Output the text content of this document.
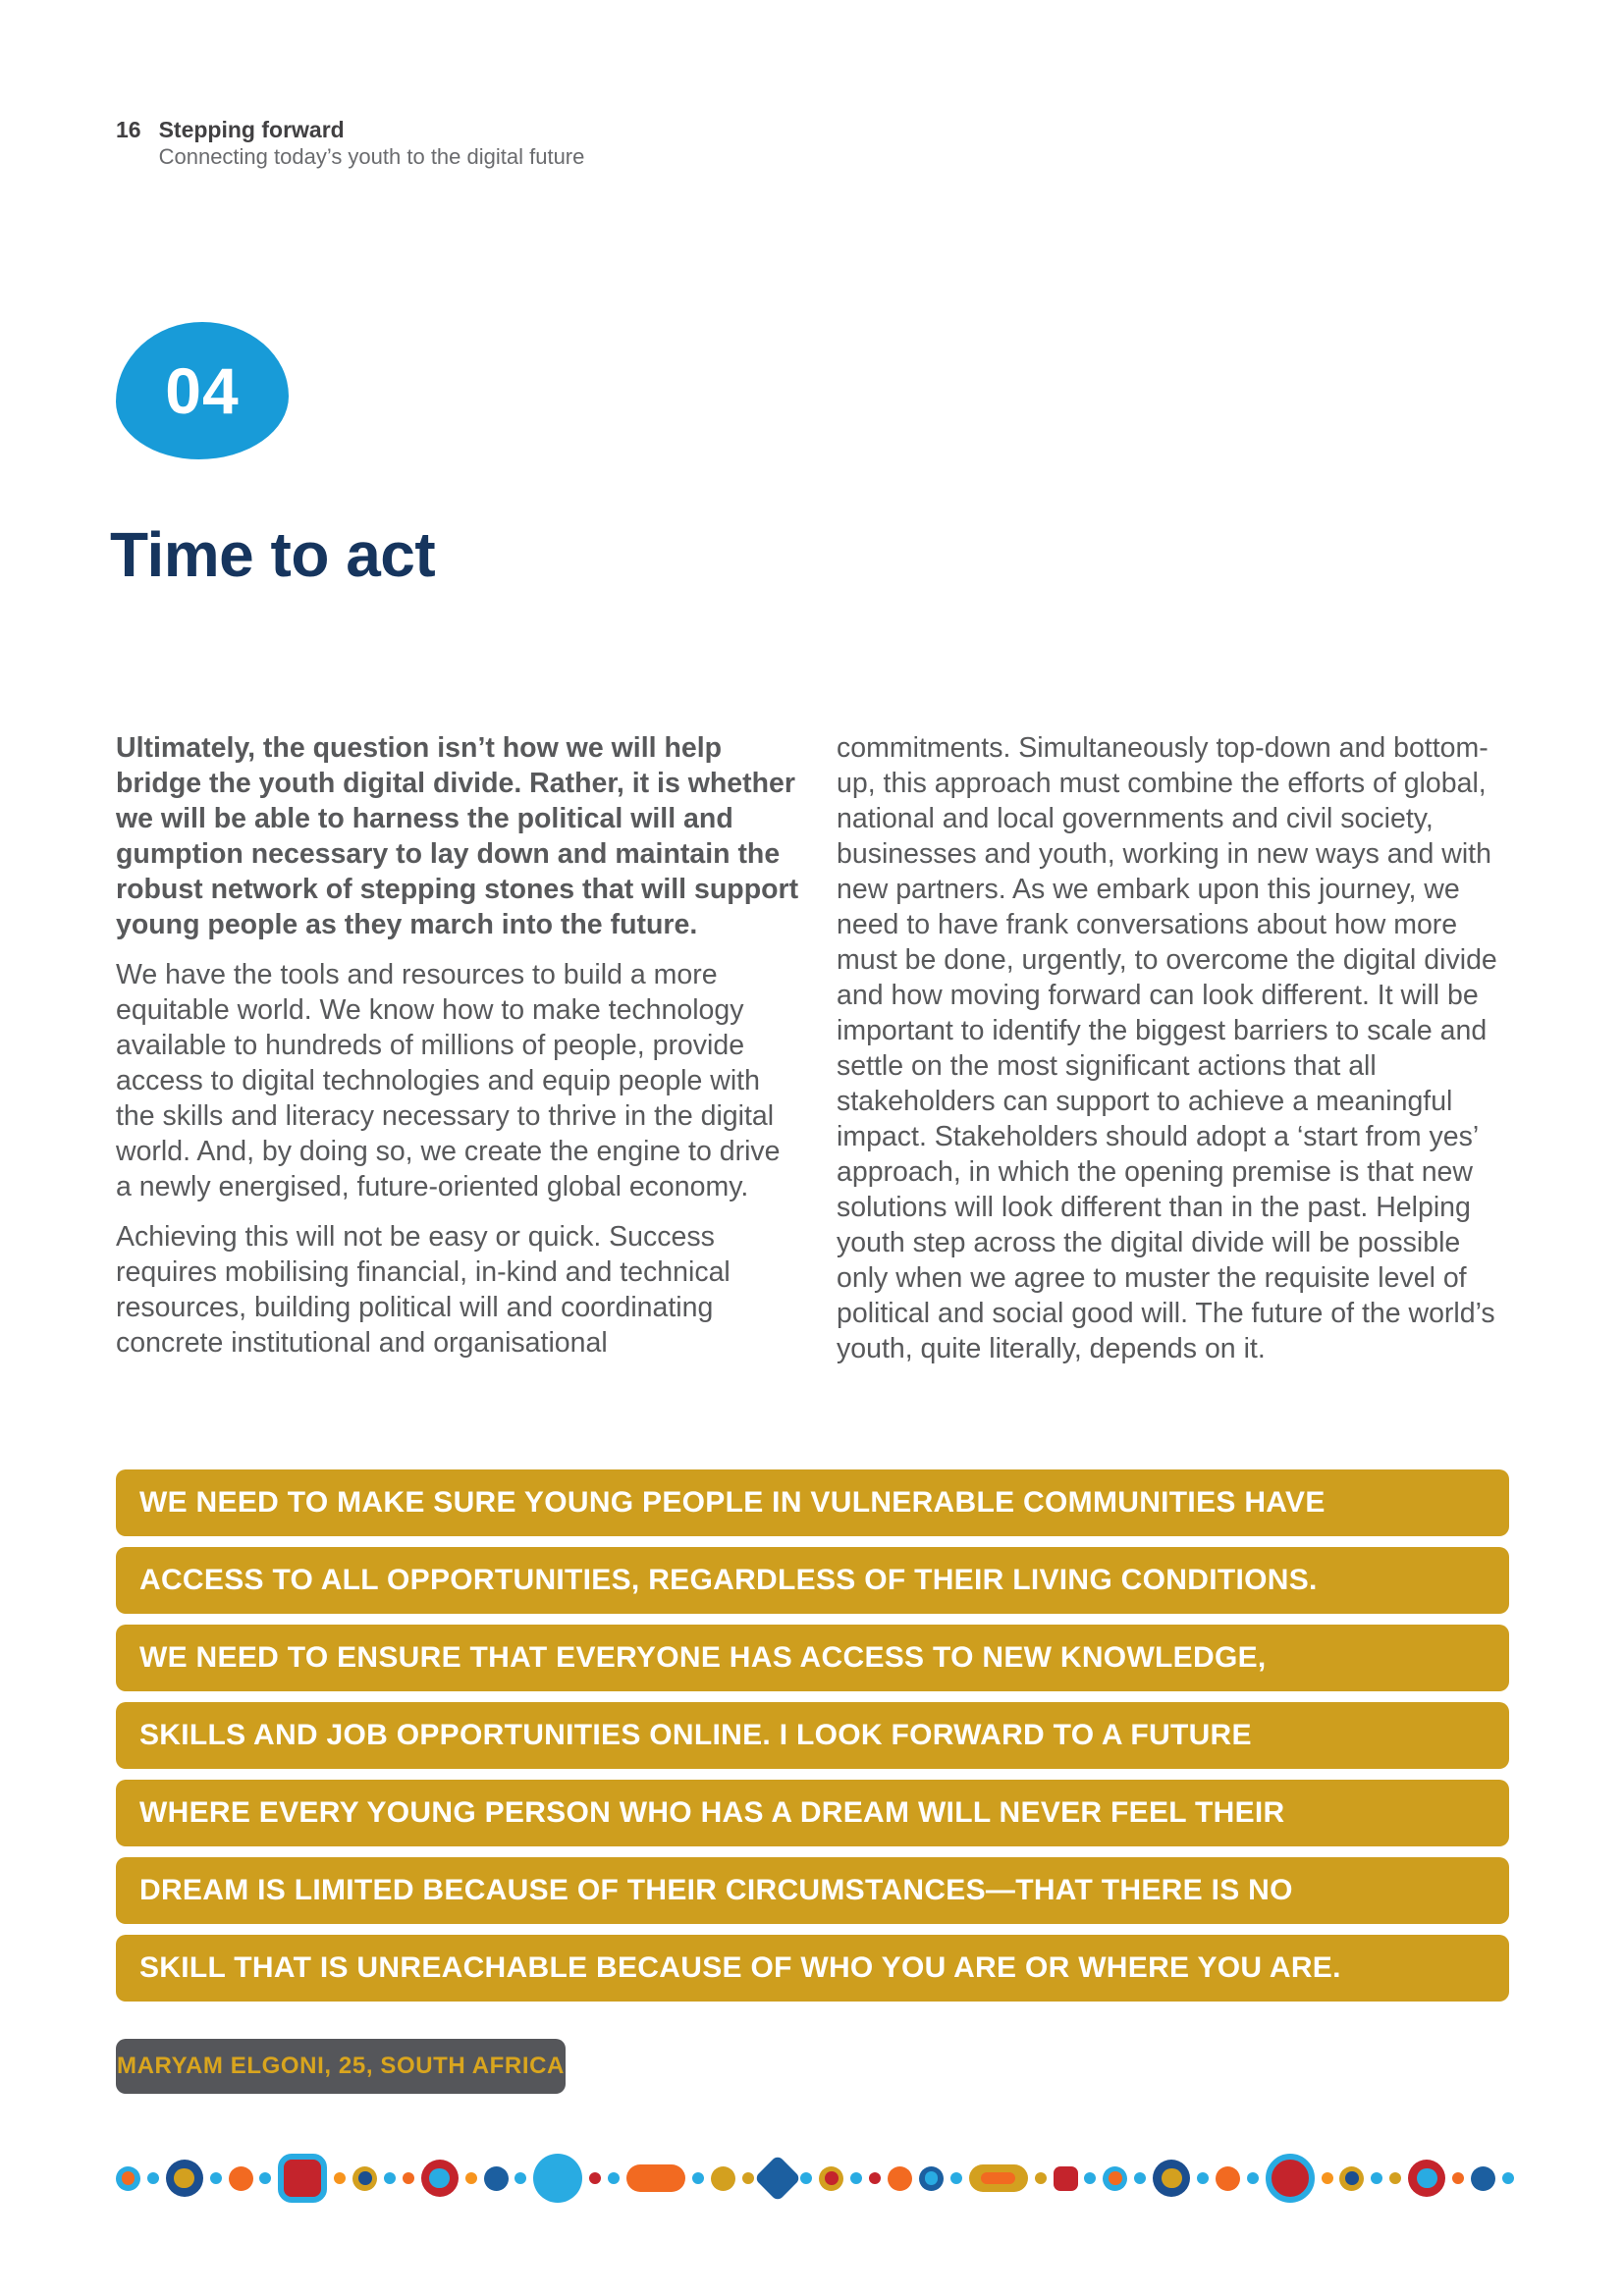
16 Stepping forward
Connecting today’s youth to the digital future
04
Time to act

Ultimately, the question isn’t how we will help bridge the youth digital divide. Rather, it is whether we will be able to harness the political will and gumption necessary to lay down and maintain the robust network of stepping stones that will support young people as they march into the future.

We have the tools and resources to build a more equitable world. We know how to make technology available to hundreds of millions of people, provide access to digital technologies and equip people with the skills and literacy necessary to thrive in the digital world. And, by doing so, we create the engine to drive a newly energised, future-oriented global economy.

Achieving this will not be easy or quick. Success requires mobilising financial, in-kind and technical resources, building political will and coordinating concrete institutional and organisational

commitments. Simultaneously top-down and bottom-up, this approach must combine the efforts of global, national and local governments and civil society, businesses and youth, working in new ways and with new partners. As we embark upon this journey, we need to have frank conversations about how more must be done, urgently, to overcome the digital divide and how moving forward can look different. It will be important to identify the biggest barriers to scale and settle on the most significant actions that all stakeholders can support to achieve a meaningful impact. Stakeholders should adopt a ‘start from yes’ approach, in which the opening premise is that new solutions will look different than in the past. Helping youth step across the digital divide will be possible only when we agree to muster the requisite level of political and social good will. The future of the world’s youth, quite literally, depends on it.

WE NEED TO MAKE SURE YOUNG PEOPLE IN VULNERABLE COMMUNITIES HAVE
ACCESS TO ALL OPPORTUNITIES, REGARDLESS OF THEIR LIVING CONDITIONS.
WE NEED TO ENSURE THAT EVERYONE HAS ACCESS TO NEW KNOWLEDGE,
SKILLS AND JOB OPPORTUNITIES ONLINE. I LOOK FORWARD TO A FUTURE
WHERE EVERY YOUNG PERSON WHO HAS A DREAM WILL NEVER FEEL THEIR
DREAM IS LIMITED BECAUSE OF THEIR CIRCUMSTANCES—THAT THERE IS NO
SKILL THAT IS UNREACHABLE BECAUSE OF WHO YOU ARE OR WHERE YOU ARE.
MARYAM ELGONI, 25, SOUTH AFRICA
